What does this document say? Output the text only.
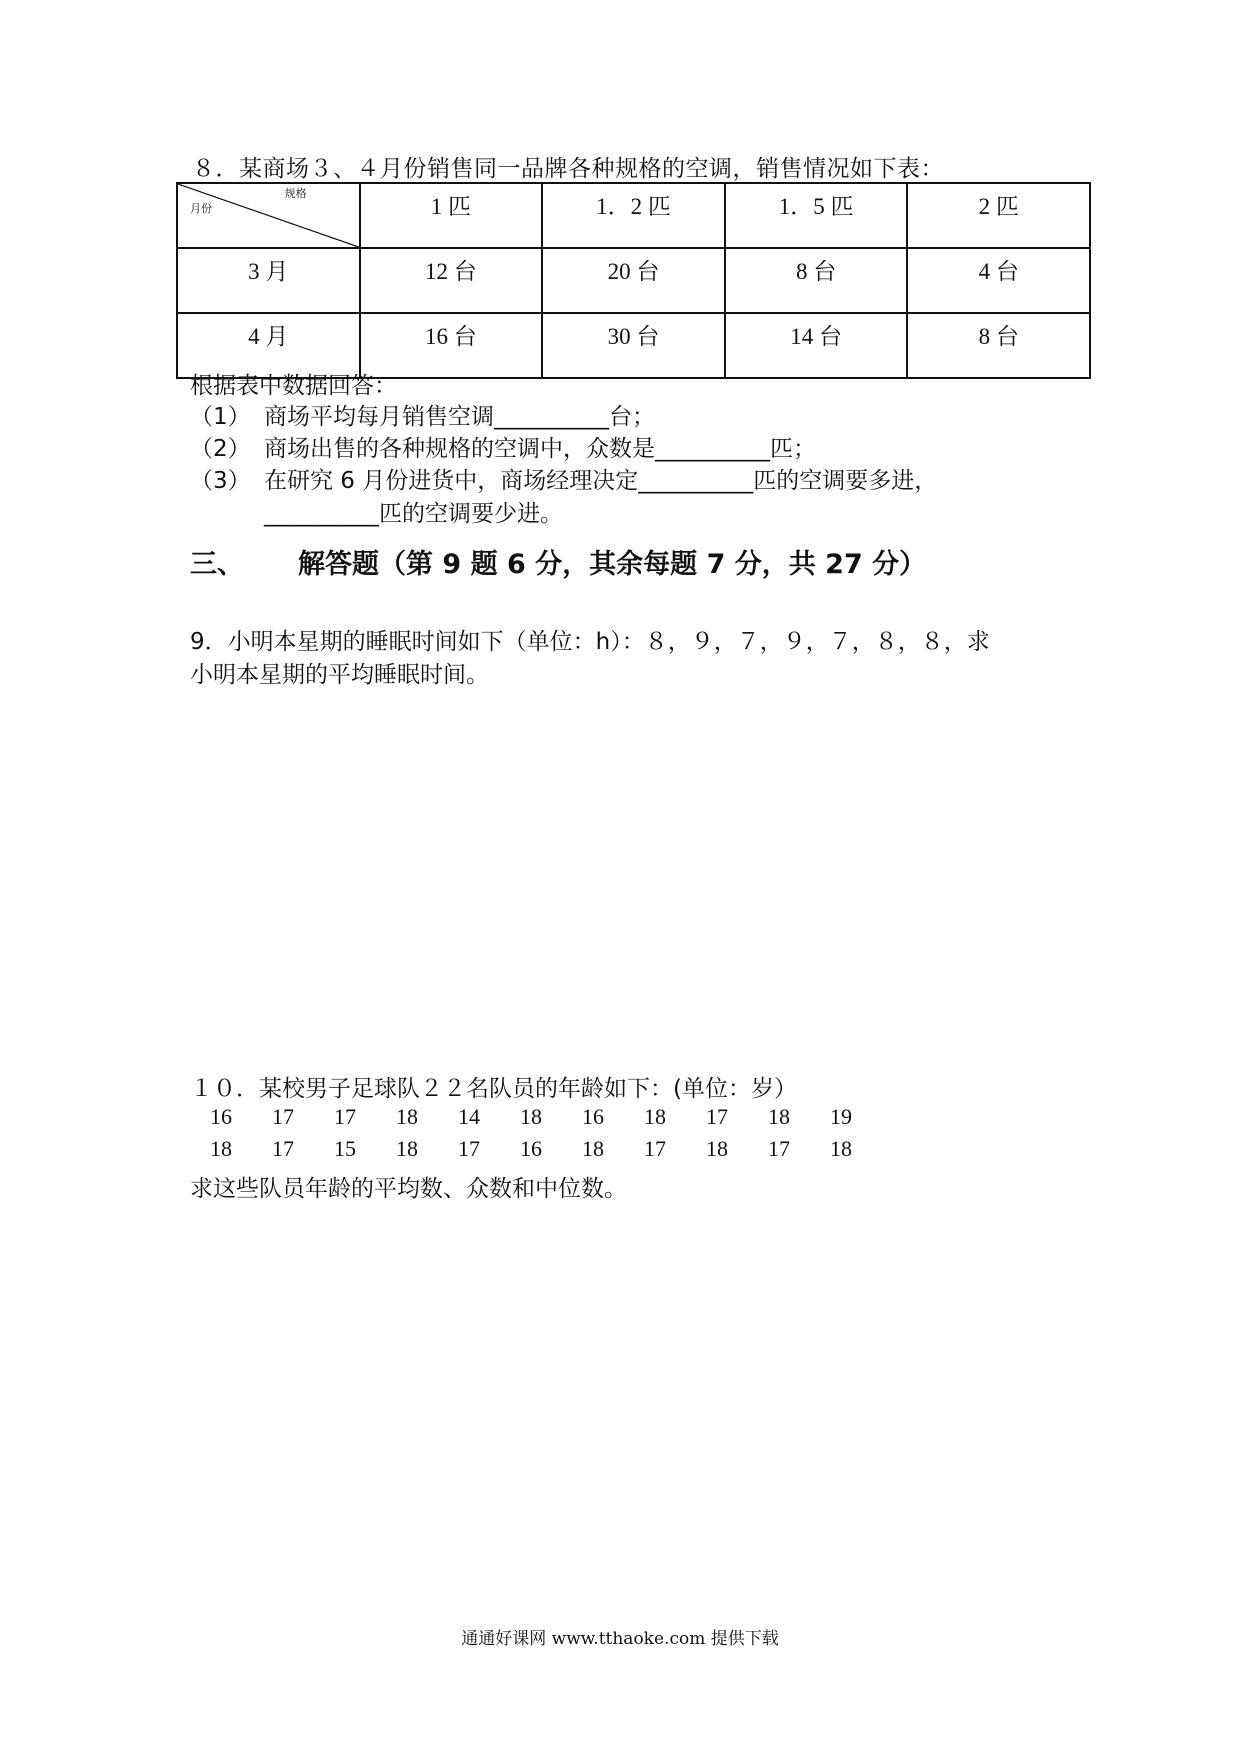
８．某商场３、４月份销售同一品牌各种规格的空调，销售情况如下表：
规格
月份	1 匹	1．2 匹	1．5 匹	2 匹
3 月	12 台	20 台	8 台	4 台
4 月	16 台	30 台	14 台	8 台
根据表中数据回答：
（1） 商场平均每月销售空调__________台；
（2） 商场出售的各种规格的空调中，众数是__________匹；
（3） 在研究 6 月份进货中，商场经理决定__________匹的空调要多进，
__________匹的空调要少进。
三、 解答题（第 9 题 6 分，其余每题 7 分，共 27 分）
9．小明本星期的睡眠时间如下（单位：h）：８，９，７，９，７，８，８，求
小明本星期的平均睡眠时间。
１０．某校男子足球队２２名队员的年龄如下：(单位：岁）
16 17 17 18 14 18 16 18 17 18 19
18 17 15 18 17 16 18 17 18 17 18
求这些队员年龄的平均数、众数和中位数。
通通好课网 www.tthaoke.com 提供下载
